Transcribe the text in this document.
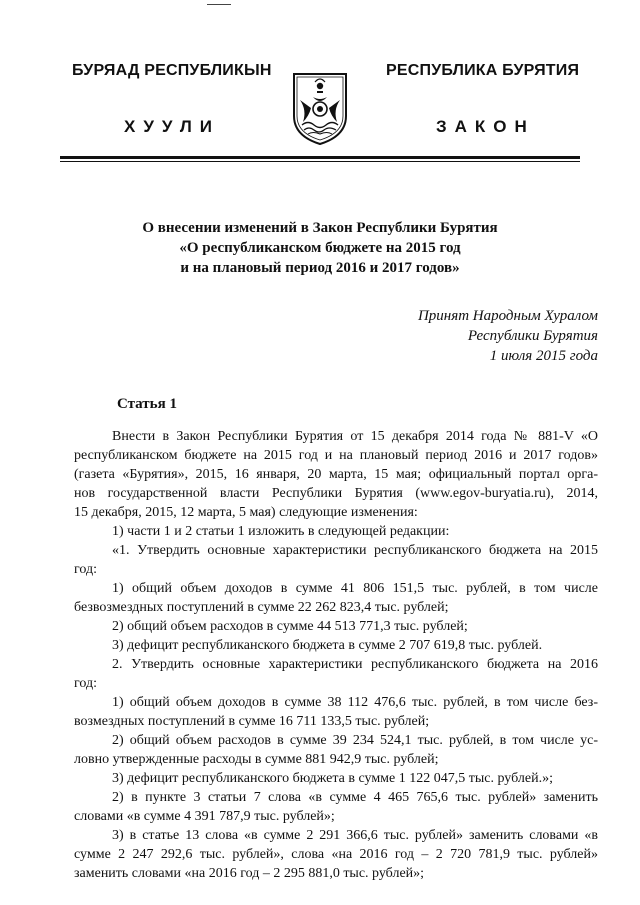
БУРЯАД РЕСПУБЛИКЫН	РЕСПУБЛИКА БУРЯТИЯ
ХУУЛИ	ЗАКОН
О внесении изменений в Закон Республики Бурятия
«О республиканском бюджете на 2015 год
и на плановый период 2016 и 2017 годов»
Принят Народным Хуралом
Республики Бурятия
1 июля 2015 года
Статья 1
Внести в Закон Республики Бурятия от 15 декабря 2014 года № 881-V «О
республиканском бюджете на 2015 год и на плановый период 2016 и 2017 годов»
(газета «Бурятия», 2015, 16 января, 20 марта, 15 мая; официальный портал орга-
нов государственной власти Республики Бурятия (www.egov-buryatia.ru), 2014,
15 декабря, 2015, 12 марта, 5 мая) следующие изменения:
1) части 1 и 2 статьи 1 изложить в следующей редакции:
«1. Утвердить основные характеристики республиканского бюджета на 2015
год:
1) общий объем доходов в сумме 41 806 151,5 тыс. рублей, в том числе
безвозмездных поступлений в сумме 22 262 823,4 тыс. рублей;
2) общий объем расходов в сумме 44 513 771,3 тыс. рублей;
3) дефицит республиканского бюджета в сумме 2 707 619,8 тыс. рублей.
2. Утвердить основные характеристики республиканского бюджета на 2016
год:
1) общий объем доходов в сумме 38 112 476,6 тыс. рублей, в том числе без-
возмездных поступлений в сумме 16 711 133,5 тыс. рублей;
2) общий объем расходов в сумме 39 234 524,1 тыс. рублей, в том числе ус-
ловно утвержденные расходы в сумме 881 942,9 тыс. рублей;
3) дефицит республиканского бюджета в сумме 1 122 047,5 тыс. рублей.»;
2) в пункте 3 статьи 7 слова «в сумме 4 465 765,6 тыс. рублей» заменить
словами «в сумме 4 391 787,9 тыс. рублей»;
3) в статье 13 слова «в сумме 2 291 366,6 тыс. рублей» заменить словами «в
сумме 2 247 292,6 тыс. рублей», слова «на 2016 год – 2 720 781,9 тыс. рублей»
заменить словами «на 2016 год – 2 295 881,0 тыс. рублей»;
